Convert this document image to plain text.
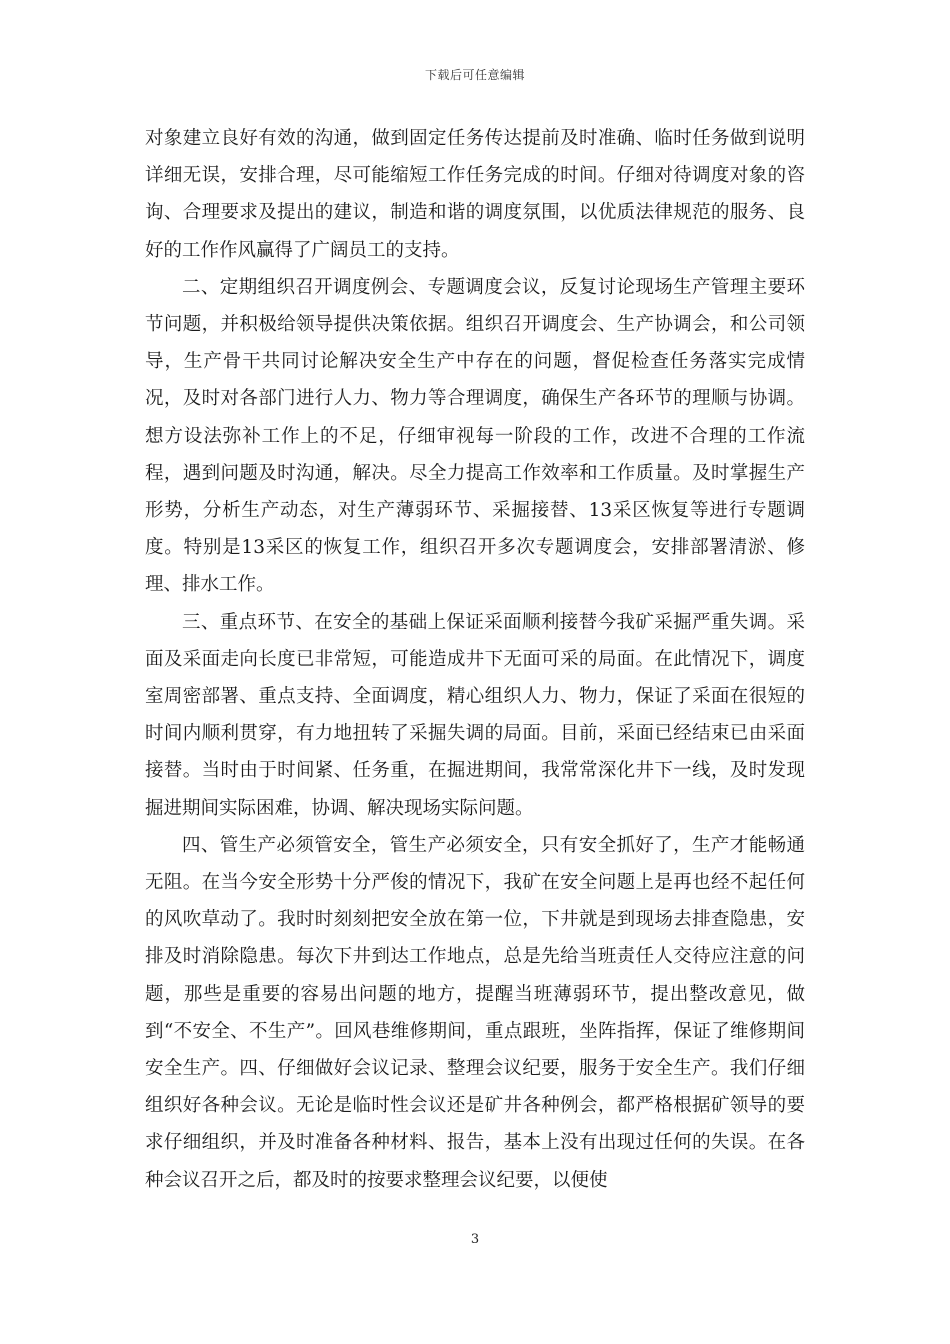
下载后可任意编辑

对象建立良好有效的沟通，做到固定任务传达提前及时准确、临时任务做到说明详细无误，安排合理，尽可能缩短工作任务完成的时间。仔细对待调度对象的咨询、合理要求及提出的建议，制造和谐的调度氛围，以优质法律规范的服务、良好的工作作风赢得了广阔员工的支持。

二、定期组织召开调度例会、专题调度会议，反复讨论现场生产管理主要环节问题，并积极给领导提供决策依据。组织召开调度会、生产协调会，和公司领导，生产骨干共同讨论解决安全生产中存在的问题，督促检查任务落实完成情况，及时对各部门进行人力、物力等合理调度，确保生产各环节的理顺与协调。想方设法弥补工作上的不足，仔细审视每一阶段的工作，改进不合理的工作流程，遇到问题及时沟通，解决。尽全力提高工作效率和工作质量。及时掌握生产形势，分析生产动态，对生产薄弱环节、采掘接替、13采区恢复等进行专题调度。特别是13采区的恢复工作，组织召开多次专题调度会，安排部署清淤、修理、排水工作。

三、重点环节、在安全的基础上保证采面顺利接替今我矿采掘严重失调。采面及采面走向长度已非常短，可能造成井下无面可采的局面。在此情况下，调度室周密部署、重点支持、全面调度，精心组织人力、物力，保证了采面在很短的时间内顺利贯穿，有力地扭转了采掘失调的局面。目前，采面已经结束已由采面接替。当时由于时间紧、任务重，在掘进期间，我常常深化井下一线，及时发现掘进期间实际困难，协调、解决现场实际问题。

四、管生产必须管安全，管生产必须安全，只有安全抓好了，生产才能畅通无阻。在当今安全形势十分严俊的情况下，我矿在安全问题上是再也经不起任何的风吹草动了。我时时刻刻把安全放在第一位，下井就是到现场去排查隐患，安排及时消除隐患。每次下井到达工作地点，总是先给当班责任人交待应注意的问题，那些是重要的容易出问题的地方，提醒当班薄弱环节，提出整改意见，做到“不安全、不生产”。回风巷维修期间，重点跟班，坐阵指挥，保证了维修期间安全生产。四、仔细做好会议记录、整理会议纪要，服务于安全生产。我们仔细组织好各种会议。无论是临时性会议还是矿井各种例会，都严格根据矿领导的要求仔细组织，并及时准备各种材料、报告，基本上没有出现过任何的失误。在各种会议召开之后，都及时的按要求整理会议纪要，以便使

3
